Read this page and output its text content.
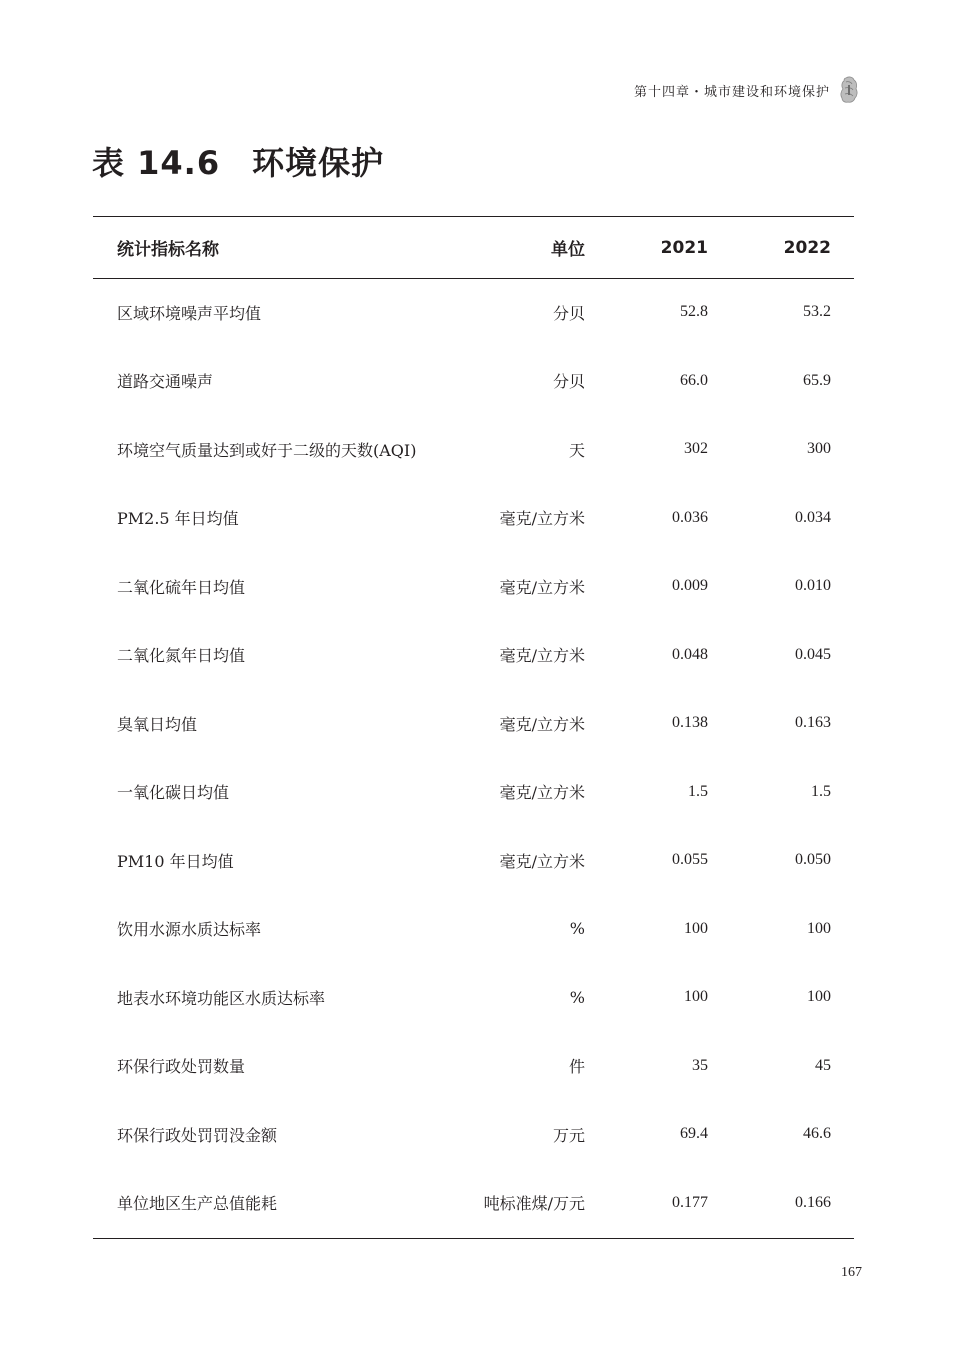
第十四章・城市建设和环境保护
表 14.6 环境保护
统计指标名称	单位	2021	2022
区域环境噪声平均值	分贝	52.8	53.2
道路交通噪声	分贝	66.0	65.9
环境空气质量达到或好于二级的天数(AQI)	天	302	300
PM2.5 年日均值	毫克/立方米	0.036	0.034
二氧化硫年日均值	毫克/立方米	0.009	0.010
二氧化氮年日均值	毫克/立方米	0.048	0.045
臭氧日均值	毫克/立方米	0.138	0.163
一氧化碳日均值	毫克/立方米	1.5	1.5
PM10 年日均值	毫克/立方米	0.055	0.050
饮用水源水质达标率	%	100	100
地表水环境功能区水质达标率	%	100	100
环保行政处罚数量	件	35	45
环保行政处罚罚没金额	万元	69.4	46.6
单位地区生产总值能耗	吨标准煤/万元	0.177	0.166
167
